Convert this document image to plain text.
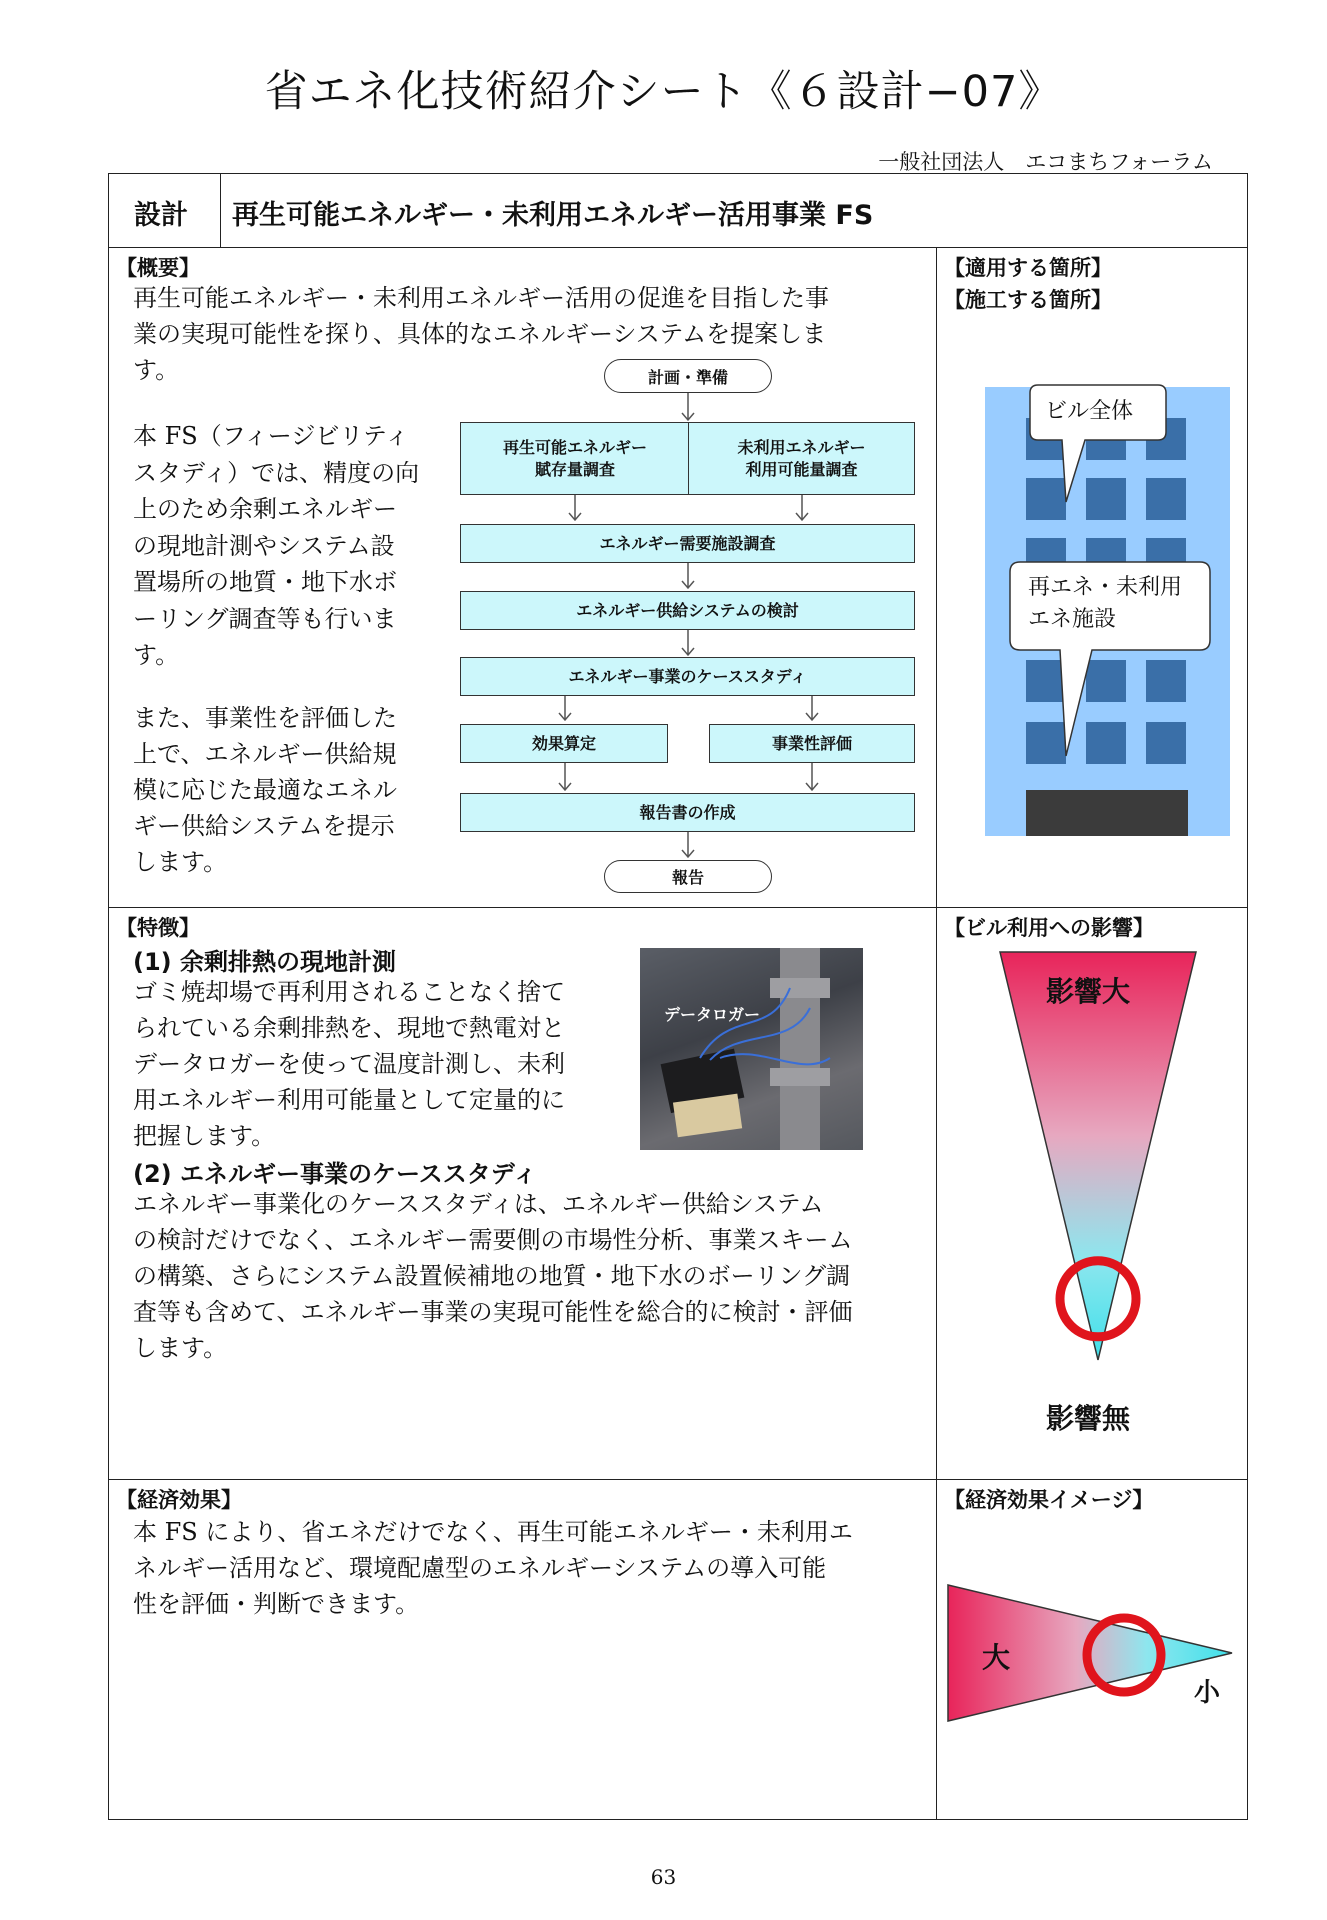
省エネ化技術紹介シート《６設計−07》
一般社団法人　エコまちフォーラム
設計 再生可能エネルギー・未利用エネルギー活用事業 FS
【概要】
再生可能エネルギー・未利用エネルギー活用の促進を目指した事
業の実現可能性を探り、具体的なエネルギーシステムを提案しま
す。
本 FS（フィージビリティ
スタディ）では、精度の向
上のため余剰エネルギー
の現地計測やシステム設
置場所の地質・地下水ボ
ーリング調査等も行いま
す。
また、事業性を評価した
上で、エネルギー供給規
模に応じた最適なエネル
ギー供給システムを提示
します。
計画・準備
再生可能エネルギー
賦存量調査
未利用エネルギー
利用可能量調査
エネルギー需要施設調査
エネルギー供給システムの検討
エネルギー事業のケーススタディ
効果算定	事業性評価
報告書の作成
報告
【適用する箇所】
【施工する箇所】
ビル全体
再エネ・未利用
エネ施設
【特徴】
(1) 余剰排熱の現地計測
ゴミ焼却場で再利用されることなく捨て
られている余剰排熱を、現地で熱電対と
データロガーを使って温度計測し、未利
用エネルギー利用可能量として定量的に
把握します。
データロガー
(2) エネルギー事業のケーススタディ
エネルギー事業化のケーススタディは、エネルギー供給システム
の検討だけでなく、エネルギー需要側の市場性分析、事業スキーム
の構築、さらにシステム設置候補地の地質・地下水のボーリング調
査等も含めて、エネルギー事業の実現可能性を総合的に検討・評価
します。
【ビル利用への影響】
影響大
影響無
【経済効果】
本 FS により、省エネだけでなく、再生可能エネルギー・未利用エ
ネルギー活用など、環境配慮型のエネルギーシステムの導入可能
性を評価・判断できます。
【経済効果イメージ】
大
小
63
